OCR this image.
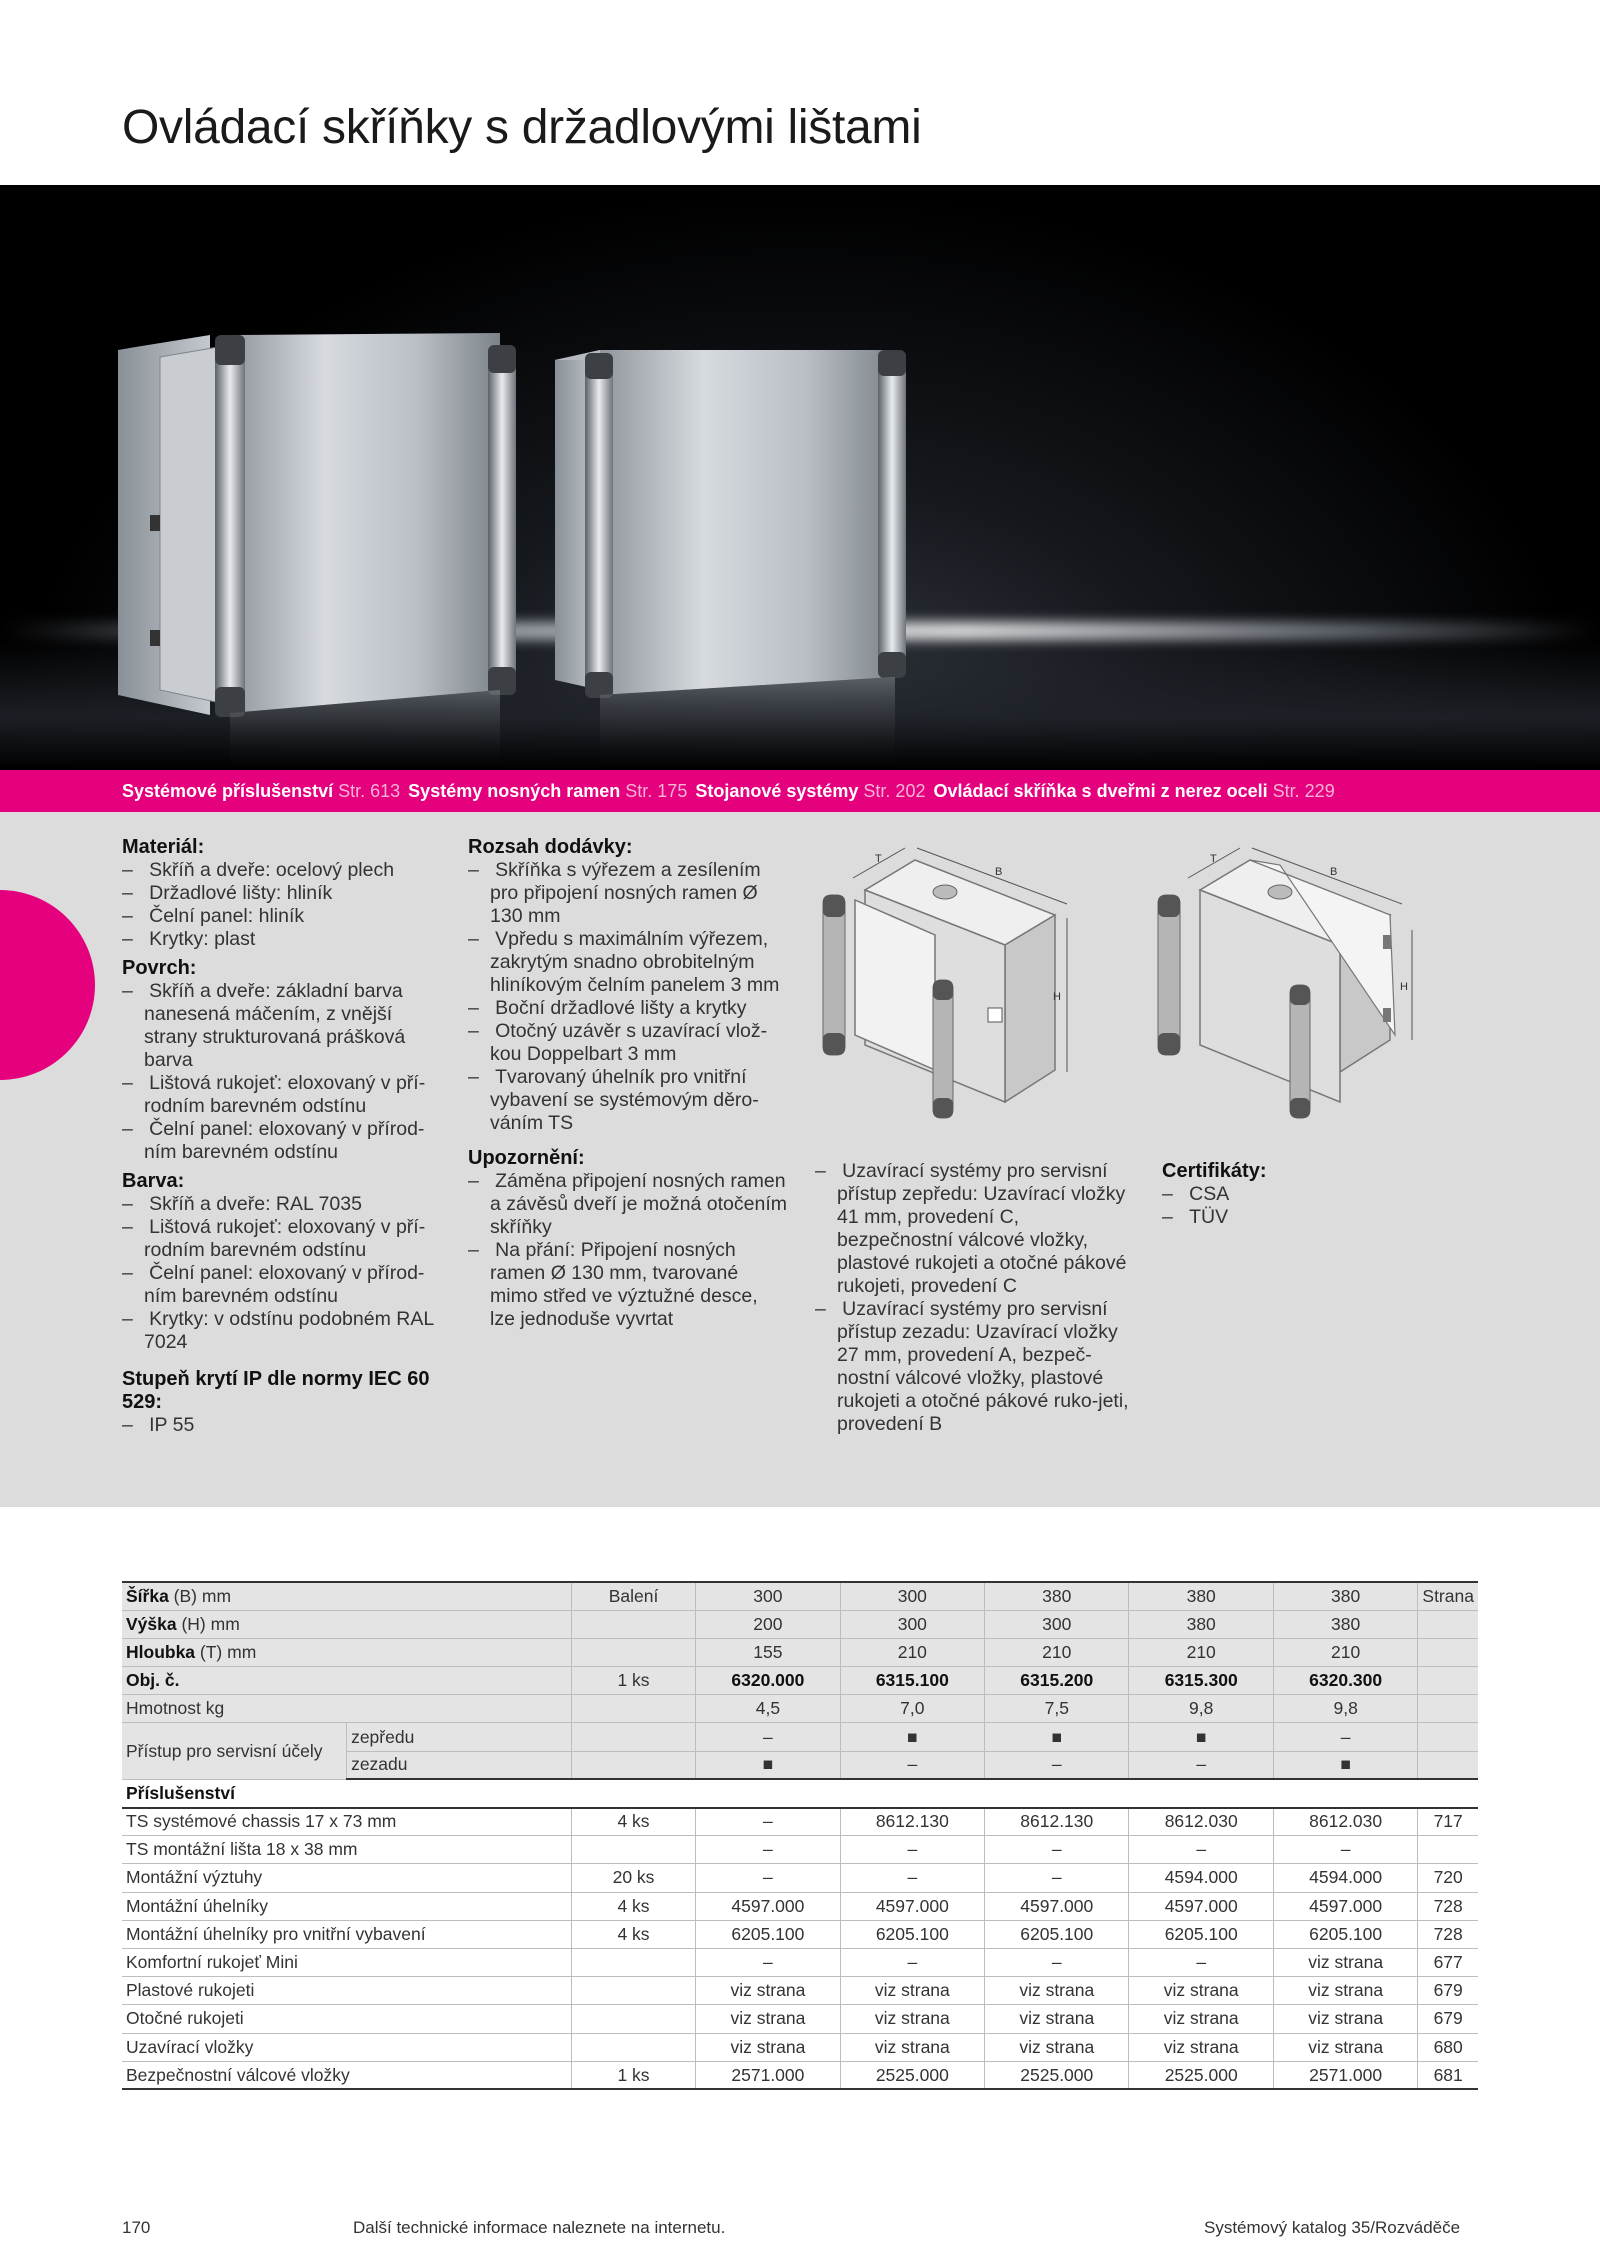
Ovládací skříňky s držadlovými lištami
Systémové příslušenství Str. 613 Systémy nosných ramen Str. 175 Stojanové systémy Str. 202 Ovládací skříňka s dveřmi z nerez oceli Str. 229
Materiál:
–   Skříň a dveře: ocelový plech
–   Držadlové lišty: hliník
–   Čelní panel: hliník
–   Krytky: plast
Povrch:
–   Skříň a dveře: základní barva nanesená máčením, z vnější strany strukturovaná prášková barva
–   Lištová rukojeť: eloxovaný v pří-rodním barevném odstínu
–   Čelní panel: eloxovaný v přírod-ním barevném odstínu
Barva:
–   Skříň a dveře: RAL 7035
–   Lištová rukojeť: eloxovaný v pří-rodním barevném odstínu
–   Čelní panel: eloxovaný v přírod-ním barevném odstínu
–   Krytky: v odstínu podobném RAL 7024
Stupeň krytí IP dle normy IEC 60 529:
–   IP 55
Rozsah dodávky:
–   Skříňka s výřezem a zesílením pro připojení nosných ramen Ø 130 mm
–   Vpředu s maximálním výřezem, zakrytým snadno obrobitelným hliníkovým čelním panelem 3 mm
–   Boční držadlové lišty a krytky
–   Otočný uzávěr s uzavírací vlož-kou Doppelbart 3 mm
–   Tvarovaný úhelník pro vnitřní vybavení se systémovým děro-váním TS
Upozornění:
–   Záměna připojení nosných ramen a závěsů dveří je možná otočením skříňky
–   Na přání: Připojení nosných ramen Ø 130 mm, tvarované mimo střed ve výztužné desce, lze jednoduše vyvrtat
–   Uzavírací systémy pro servisní přístup zepředu: Uzavírací vložky 41 mm, provedení C, bezpečnostní válcové vložky, plastové rukojeti a otočné pákové rukojeti, provedení C
–   Uzavírací systémy pro servisní přístup zezadu: Uzavírací vložky 27 mm, provedení A, bezpeč-nostní válcové vložky, plastové rukojeti a otočné pákové ruko-jeti, provedení B
Certifikáty:
–   CSA
–   TÜV
T
B
H
T
B
H
Šířka (B) mm		Balení	300	300	380	380	380	Strana
Výška (H) mm			200	300	300	380	380	
Hloubka (T) mm			155	210	210	210	210	
Obj. č.		1 ks	6320.000	6315.100	6315.200	6315.300	6320.300	
Hmotnost kg			4,5	7,0	7,5	9,8	9,8	
Přístup pro servisní účely	zepředu		–	■	■	■	–	
	zezadu		■	–	–	–	■	
Příslušenství								
TS systémové chassis 17 x 73 mm		4 ks	–	8612.130	8612.130	8612.030	8612.030	717
TS montážní lišta 18 x 38 mm			–	–	–	–	–	
Montážní výztuhy		20 ks	–	–	–	4594.000	4594.000	720
Montážní úhelníky		4 ks	4597.000	4597.000	4597.000	4597.000	4597.000	728
Montážní úhelníky pro vnitřní vybavení		4 ks	6205.100	6205.100	6205.100	6205.100	6205.100	728
Komfortní rukojeť Mini			–	–	–	–	viz strana	677
Plastové rukojeti			viz strana	viz strana	viz strana	viz strana	viz strana	679
Otočné rukojeti			viz strana	viz strana	viz strana	viz strana	viz strana	679
Uzavírací vložky			viz strana	viz strana	viz strana	viz strana	viz strana	680
Bezpečnostní válcové vložky		1 ks	2571.000	2525.000	2525.000	2525.000	2571.000	681
170	Další technické informace naleznete na internetu.	Systémový katalog 35/Rozváděče
